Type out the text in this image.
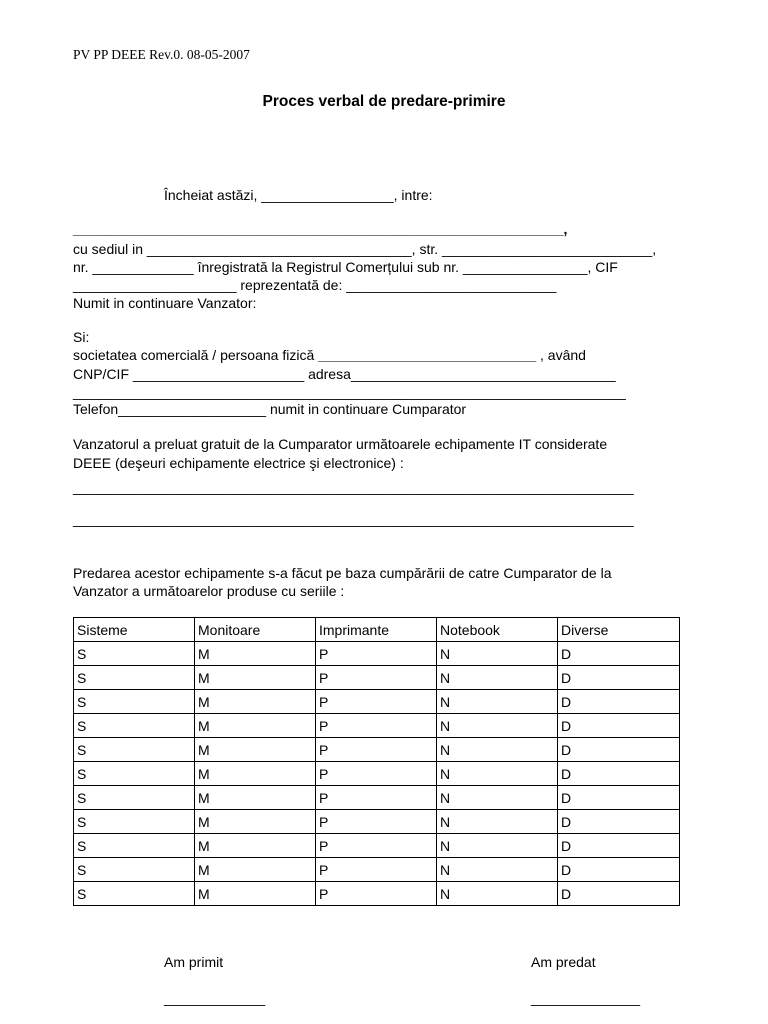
PV PP DEEE Rev.0. 08-05-2007
Proces verbal de predare-primire
Încheiat astăzi, _________________, intre:
_______________________________________________________________,
cu sediul in __________________________________, str. ___________________________,
nr. _____________ înregistrată la Registrul Comerțului sub nr. ________________, CIF
_____________________ reprezentată de: ___________________________
Numit in continuare Vanzator:
Si:
societatea comercială / persoana fizică ____________________________ , având
CNP/CIF ______________________ adresa__________________________________
_______________________________________________________________________
Telefon___________________ numit in continuare Cumparator
Vanzatorul a preluat gratuit de la Cumparator următoarele echipamente IT considerate
DEEE (deşeuri echipamente electrice şi electronice) :
________________________________________________________________________
________________________________________________________________________
Predarea acestor echipamente s-a făcut pe baza cumpărării de catre Cumparator de la
Vanzator a următoarelor produse cu seriile :
Sisteme	Monitoare	Imprimante	Notebook	Diverse
S	M	P	N	D
S	M	P	N	D
S	M	P	N	D
S	M	P	N	D
S	M	P	N	D
S	M	P	N	D
S	M	P	N	D
S	M	P	N	D
S	M	P	N	D
S	M	P	N	D
S	M	P	N	D
Am primit	Am predat
_____________	______________
